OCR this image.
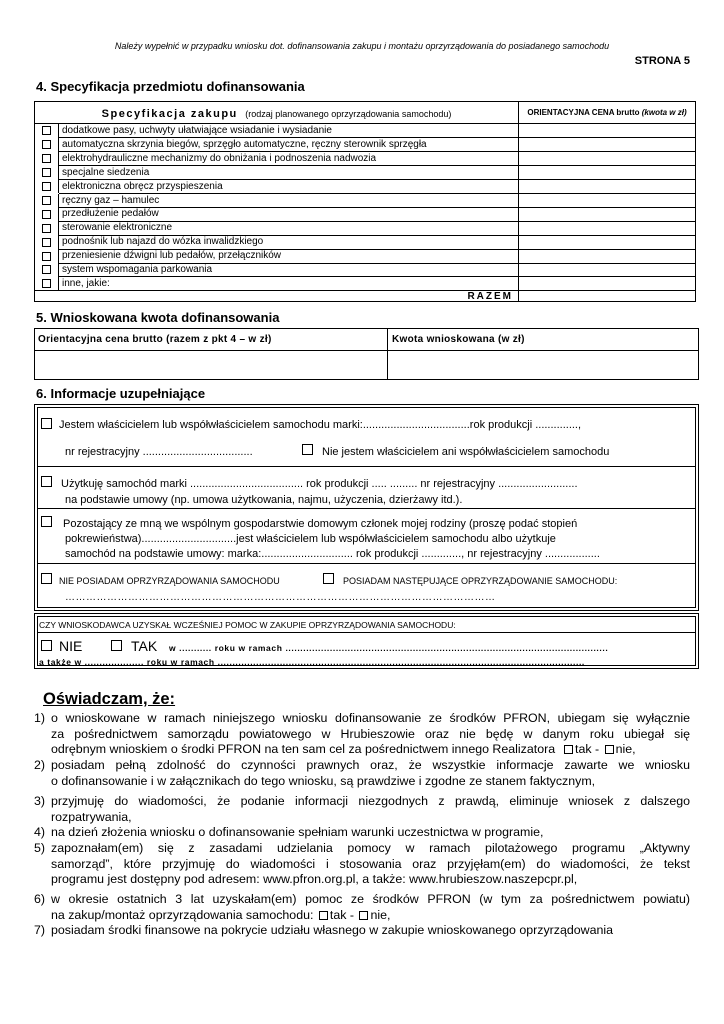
Należy wypełnić w przypadku wniosku dot. dofinansowania zakupu i montażu oprzyrządowania do posiadanego samochodu
STRONA 5
4. Specyfikacja przedmiotu dofinansowania
Specyfikacja zakupu (rodzaj planowanego oprzyrządowania samochodu)	ORIENTACYJNA CENA brutto (kwota w zł)
dodatkowe pasy, uchwyty ułatwiające wsiadanie i wysiadanie
automatyczna skrzynia biegów, sprzęgło automatyczne, ręczny sterownik sprzęgła
elektrohydrauliczne mechanizmy do obniżania i podnoszenia nadwozia
specjalne siedzenia
elektroniczna obręcz przyspieszenia
ręczny gaz – hamulec
przedłużenie pedałów
sterowanie elektroniczne
podnośnik lub najazd do wózka inwalidzkiego
przeniesienie dźwigni lub pedałów, przełączników
system wspomagania parkowania
inne, jakie:
RAZEM
5. Wnioskowana kwota dofinansowania
Orientacyjna cena brutto (razem z pkt 4 – w zł)	Kwota wnioskowana (w zł)
6. Informacje uzupełniające
Jestem właścicielem lub współwłaścicielem samochodu marki:...................................rok produkcji ..............,
nr rejestracyjny ....................................	Nie jestem właścicielem ani współwłaścicielem samochodu
Użytkuję samochód marki ..................................... rok produkcji ..... ......... nr rejestracyjny ..........................
na podstawie umowy (np. umowa użytkowania, najmu, użyczenia, dzierżawy itd.).
Pozostający ze mną we wspólnym gospodarstwie domowym członek mojej rodziny (proszę podać stopień
pokrewieństwa)...............................jest właścicielem lub współwłaścicielem samochodu albo użytkuje
samochód na podstawie umowy: marka:.............................. rok produkcji ............., nr rejestracyjny ..................
NIE POSIADAM OPRZYRZĄDOWANIA SAMOCHODU	POSIADAM NASTĘPUJĄCE OPRZYRZĄDOWANIE SAMOCHODU:
……………………………………………………………………………………………………………
CZY WNIOSKODAWCA UZYSKAŁ WCZEŚNIEJ POMOC W ZAKUPIE OPRZYRZĄDOWANIA SAMOCHODU:
NIE	TAK w ........... roku w ramach .............................................................................................................
a także w .................... roku w ramach ............................................................................................................................
Oświadczam, że:
1) o wnioskowane w ramach niniejszego wniosku dofinansowanie ze środków PFRON, ubiegam się wyłącznie
za pośrednictwem samorządu powiatowego w Hrubieszowie oraz nie będę w danym roku ubiegał się
odrębnym wnioskiem o środki PFRON na ten sam cel za pośrednictwem innego Realizatora tak - nie,
2) posiadam pełną zdolność do czynności prawnych oraz, że wszystkie informacje zawarte we wniosku
o dofinansowanie i w załącznikach do tego wniosku, są prawdziwe i zgodne ze stanem faktycznym,
3) przyjmuję do wiadomości, że podanie informacji niezgodnych z prawdą, eliminuje wniosek z dalszego
rozpatrywania,
4) na dzień złożenia wniosku o dofinansowanie spełniam warunki uczestnictwa w programie,
5) zapoznałam(em) się z zasadami udzielania pomocy w ramach pilotażowego programu „Aktywny
samorząd”, które przyjmuję do wiadomości i stosowania oraz przyjęłam(em) do wiadomości, że tekst
programu jest dostępny pod adresem: www.pfron.org.pl, a także: www.hrubieszow.naszepcpr.pl,
6) w okresie ostatnich 3 lat uzyskałam(em) pomoc ze środków PFRON (w tym za pośrednictwem powiatu)
na zakup/montaż oprzyrządowania samochodu: tak - nie,
7) posiadam środki finansowe na pokrycie udziału własnego w zakupie wnioskowanego oprzyrządowania
